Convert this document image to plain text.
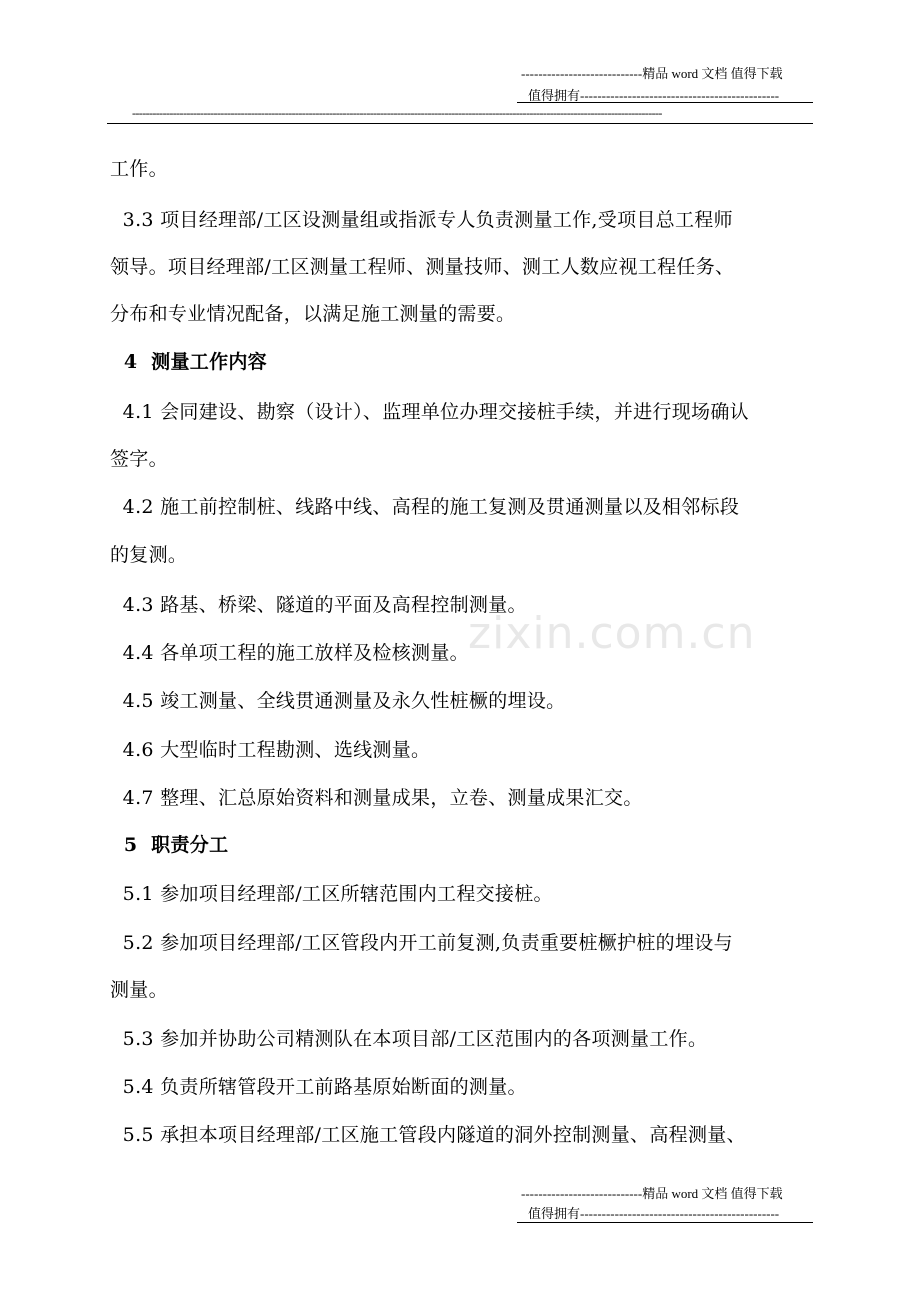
----------------------------精品 word 文档 值得下载
值得拥有----------------------------------------------
------------------------------------------------------------------------------------------------------------------------------------------------------------
zixin.com.cn
工作。
3.3 项目经理部/工区设测量组或指派专人负责测量工作,受项目总工程师
领导。项目经理部/工区测量工程师、测量技师、测工人数应视工程任务、
分布和专业情况配备，以满足施工测量的需要。
4  测量工作内容
4.1 会同建设、勘察（设计）、监理单位办理交接桩手续，并进行现场确认
签字。
4.2 施工前控制桩、线路中线、高程的施工复测及贯通测量以及相邻标段
的复测。
4.3 路基、桥梁、隧道的平面及高程控制测量。
4.4 各单项工程的施工放样及检核测量。
4.5 竣工测量、全线贯通测量及永久性桩橛的埋设。
4.6 大型临时工程勘测、选线测量。
4.7 整理、汇总原始资料和测量成果，立卷、测量成果汇交。
5  职责分工
5.1 参加项目经理部/工区所辖范围内工程交接桩。
5.2 参加项目经理部/工区管段内开工前复测,负责重要桩橛护桩的埋设与
测量。
5.3 参加并协助公司精测队在本项目部/工区范围内的各项测量工作。
5.4 负责所辖管段开工前路基原始断面的测量。
5.5 承担本项目经理部/工区施工管段内隧道的洞外控制测量、高程测量、
----------------------------精品 word 文档 值得下载
值得拥有----------------------------------------------
